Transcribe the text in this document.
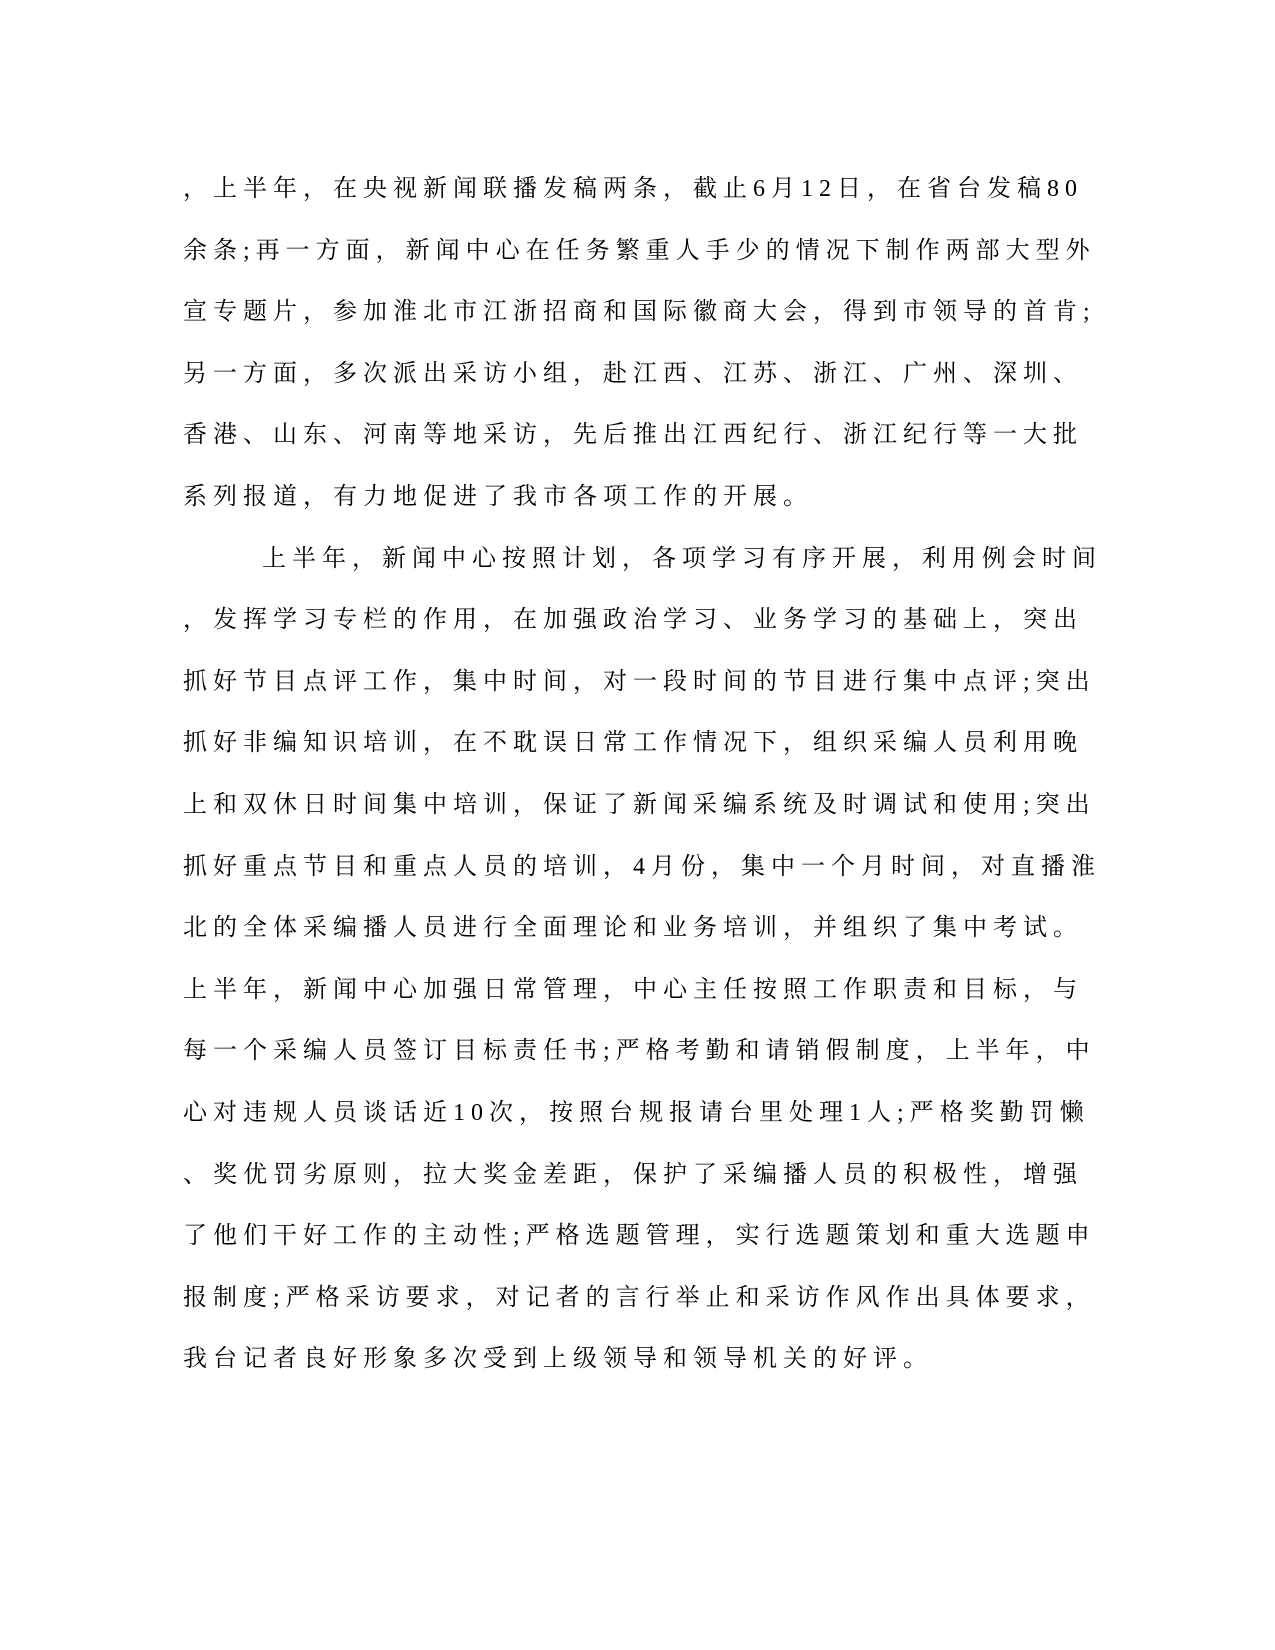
，上半年，在央视新闻联播发稿两条，截止6月12日，在省台发稿80
余条;再一方面，新闻中心在任务繁重人手少的情况下制作两部大型外
宣专题片，参加淮北市江浙招商和国际徽商大会，得到市领导的首肯;
另一方面，多次派出采访小组，赴江西、江苏、浙江、广州、深圳、
香港、山东、河南等地采访，先后推出江西纪行、浙江纪行等一大批
系列报道，有力地促进了我市各项工作的开展。
上半年，新闻中心按照计划，各项学习有序开展，利用例会时间
，发挥学习专栏的作用，在加强政治学习、业务学习的基础上，突出
抓好节目点评工作，集中时间，对一段时间的节目进行集中点评;突出
抓好非编知识培训，在不耽误日常工作情况下，组织采编人员利用晚
上和双休日时间集中培训，保证了新闻采编系统及时调试和使用;突出
抓好重点节目和重点人员的培训，4月份，集中一个月时间，对直播淮
北的全体采编播人员进行全面理论和业务培训，并组织了集中考试。
上半年，新闻中心加强日常管理，中心主任按照工作职责和目标，与
每一个采编人员签订目标责任书;严格考勤和请销假制度，上半年，中
心对违规人员谈话近10次，按照台规报请台里处理1人;严格奖勤罚懒
、奖优罚劣原则，拉大奖金差距，保护了采编播人员的积极性，增强
了他们干好工作的主动性;严格选题管理，实行选题策划和重大选题申
报制度;严格采访要求，对记者的言行举止和采访作风作出具体要求，
我台记者良好形象多次受到上级领导和领导机关的好评。
